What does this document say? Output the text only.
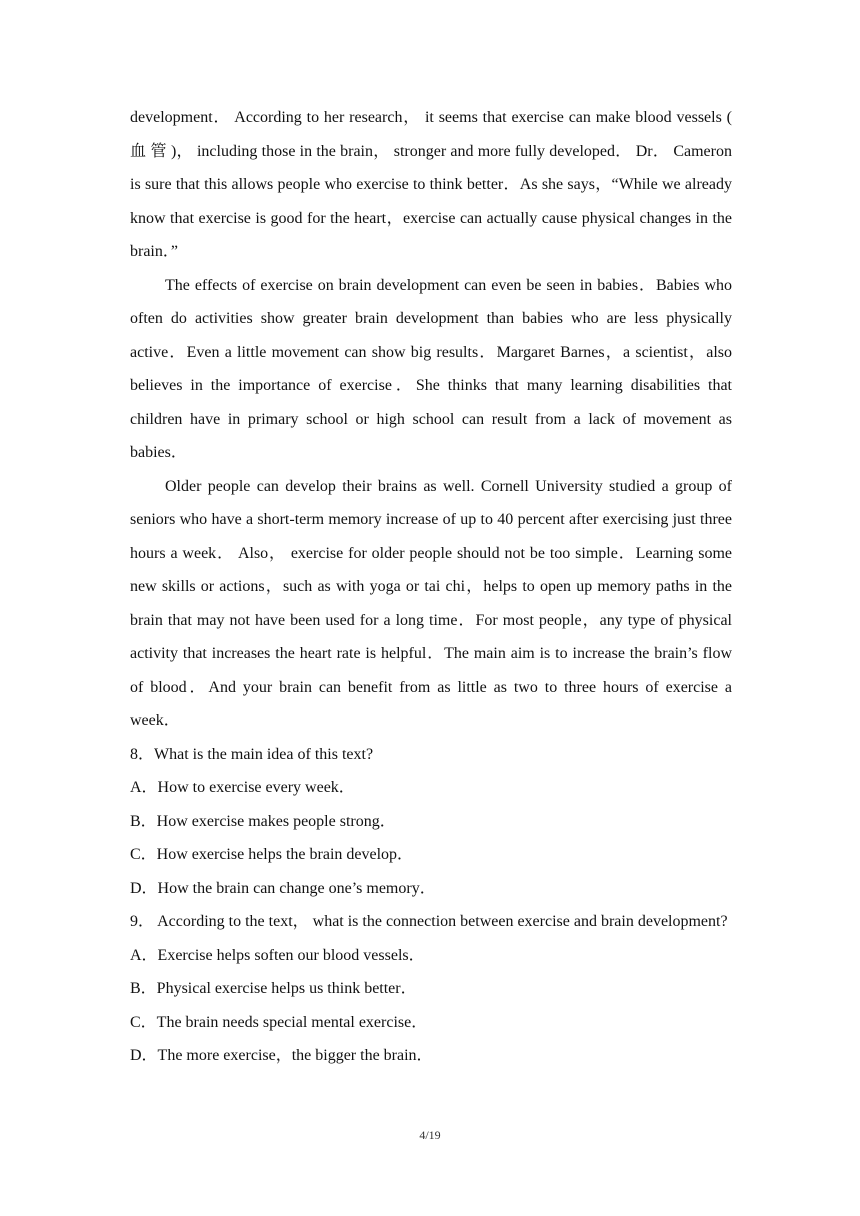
development． According to her research， it seems that exercise can make blood vessels ( 血 管 )， including those in the brain， stronger and more fully developed． Dr． Cameron is sure that this allows people who exercise to think better．As she says，“While we already know that exercise is good for the heart，exercise can actually cause physical changes in the brain．”

The effects of exercise on brain development can even be seen in babies．Babies who often do activities show greater brain development than babies who are less physically active．Even a little movement can show big results．Margaret Barnes，a scientist，also believes in the importance of exercise．She thinks that many learning disabilities that children have in primary school or high school can result from a lack of movement as babies．

Older people can develop their brains as well. Cornell University studied a group of seniors who have a short-term memory increase of up to 40 percent after exercising just three hours a week． Also， exercise for older people should not be too simple．Learning some new skills or actions，such as with yoga or tai chi，helps to open up memory paths in the brain that may not have been used for a long time．For most people，any type of physical activity that increases the heart rate is helpful．The main aim is to increase the brain’s flow of blood．And your brain can benefit from as little as two to three hours of exercise a week．

8．What is the main idea of this text?

A．How to exercise every week．

B．How exercise makes people strong．

C．How exercise helps the brain develop．

D．How the brain can change one’s memory．

9． According to the text， what is the connection between exercise and brain development?

A．Exercise helps soften our blood vessels．

B．Physical exercise helps us think better．

C．The brain needs special mental exercise．

D．The more exercise，the bigger the brain．

4/19
